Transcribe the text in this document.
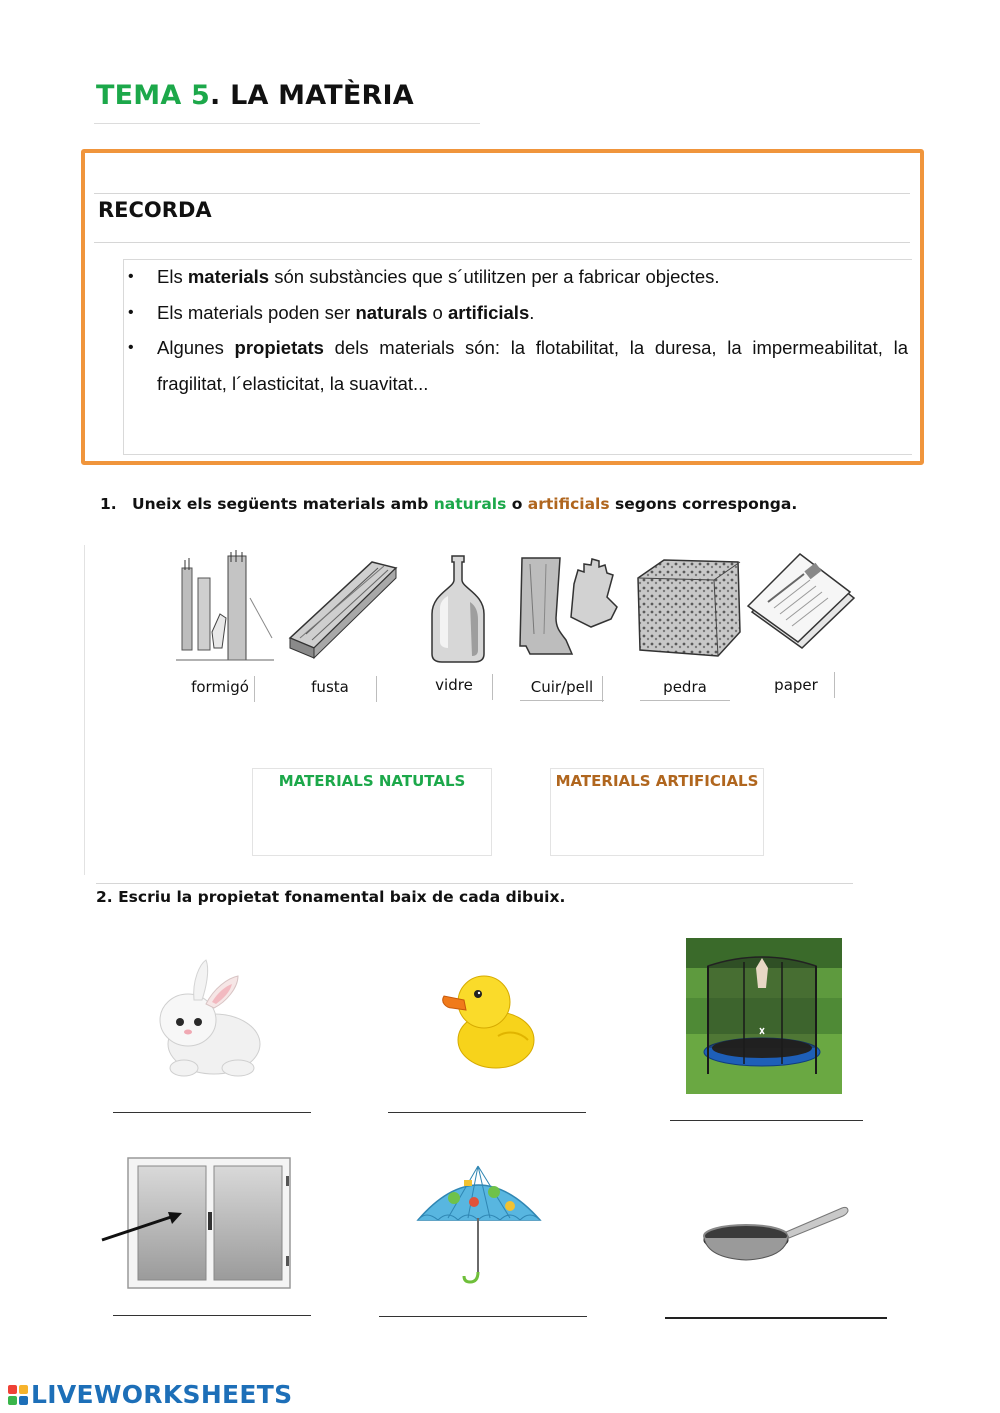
TEMA 5. LA MATÈRIA
RECORDA
• Els materials són substàncies que s´utilitzen per a fabricar objectes.
• Els materials poden ser naturals o artificials.
• Algunes propietats dels materials són: la flotabilitat, la duresa, la impermeabilitat, la fragilitat, l´elasticitat, la suavitat...
1. Uneix els següents materials amb naturals o artificials segons corresponga.
formigó	fusta	vidre	Cuir/pell	pedra	paper
MATERIALS NATUTALS	MATERIALS ARTIFICIALS
2. Escriu la propietat fonamental baix de cada dibuix.
LIVEWORKSHEETS
